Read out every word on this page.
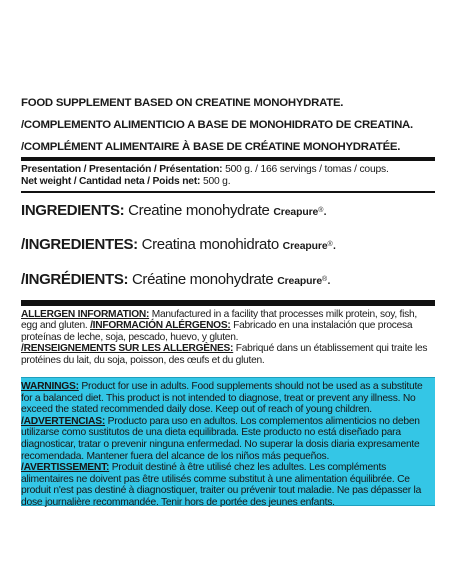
FOOD SUPPLEMENT BASED ON CREATINE MONOHYDRATE.
/COMPLEMENTO ALIMENTICIO A BASE DE MONOHIDRATO DE CREATINA.
/COMPLÉMENT ALIMENTAIRE À BASE DE CRÉATINE MONOHYDRATÉE.
Presentation / Presentación / Présentation: 500 g. / 166 servings / tomas / coups.
Net weight / Cantidad neta / Poids net: 500 g.
INGREDIENTS: Creatine monohydrate Creapure®.
/INGREDIENTES: Creatina monohidrato Creapure®.
/INGRÉDIENTS: Créatine monohydrate Creapure®.
ALLERGEN INFORMATION: Manufactured in a facility that processes milk protein, soy, fish, egg and gluten. /INFORMACIÓN ALÉRGENOS: Fabricado en una instalación que procesa proteínas de leche, soja, pescado, huevo, y gluten.
/RENSEIGNEMENTS SUR LES ALLERGÈNES: Fabriqué dans un établissement qui traite les protéines du lait, du soja, poisson, des œufs et du gluten.

WARNINGS: Product for use in adults. Food supplements should not be used as a substitute for a balanced diet. This product is not intended to diagnose, treat or prevent any illness. No exceed the stated recommended daily dose. Keep out of reach of young children.

/ADVERTENCIAS: Producto para uso en adultos. Los complementos alimenticios no deben utilizarse como sustitutos de una dieta equilibrada. Este producto no está diseñado para diagnosticar, tratar o prevenir ninguna enfermedad. No superar la dosis diaria expresamente recomendada. Mantener fuera del alcance de los niños más pequeños.

/AVERTISSEMENT: Produit destiné à être utilisé chez les adultes. Les compléments alimentaires ne doivent pas être utilisés comme substitut à une alimentation équilibrée. Ce produit n'est pas destiné à diagnostiquer, traiter ou prévenir tout maladie. Ne pas dépasser la dose journalière recommandée. Tenir hors de portée des jeunes enfants.
